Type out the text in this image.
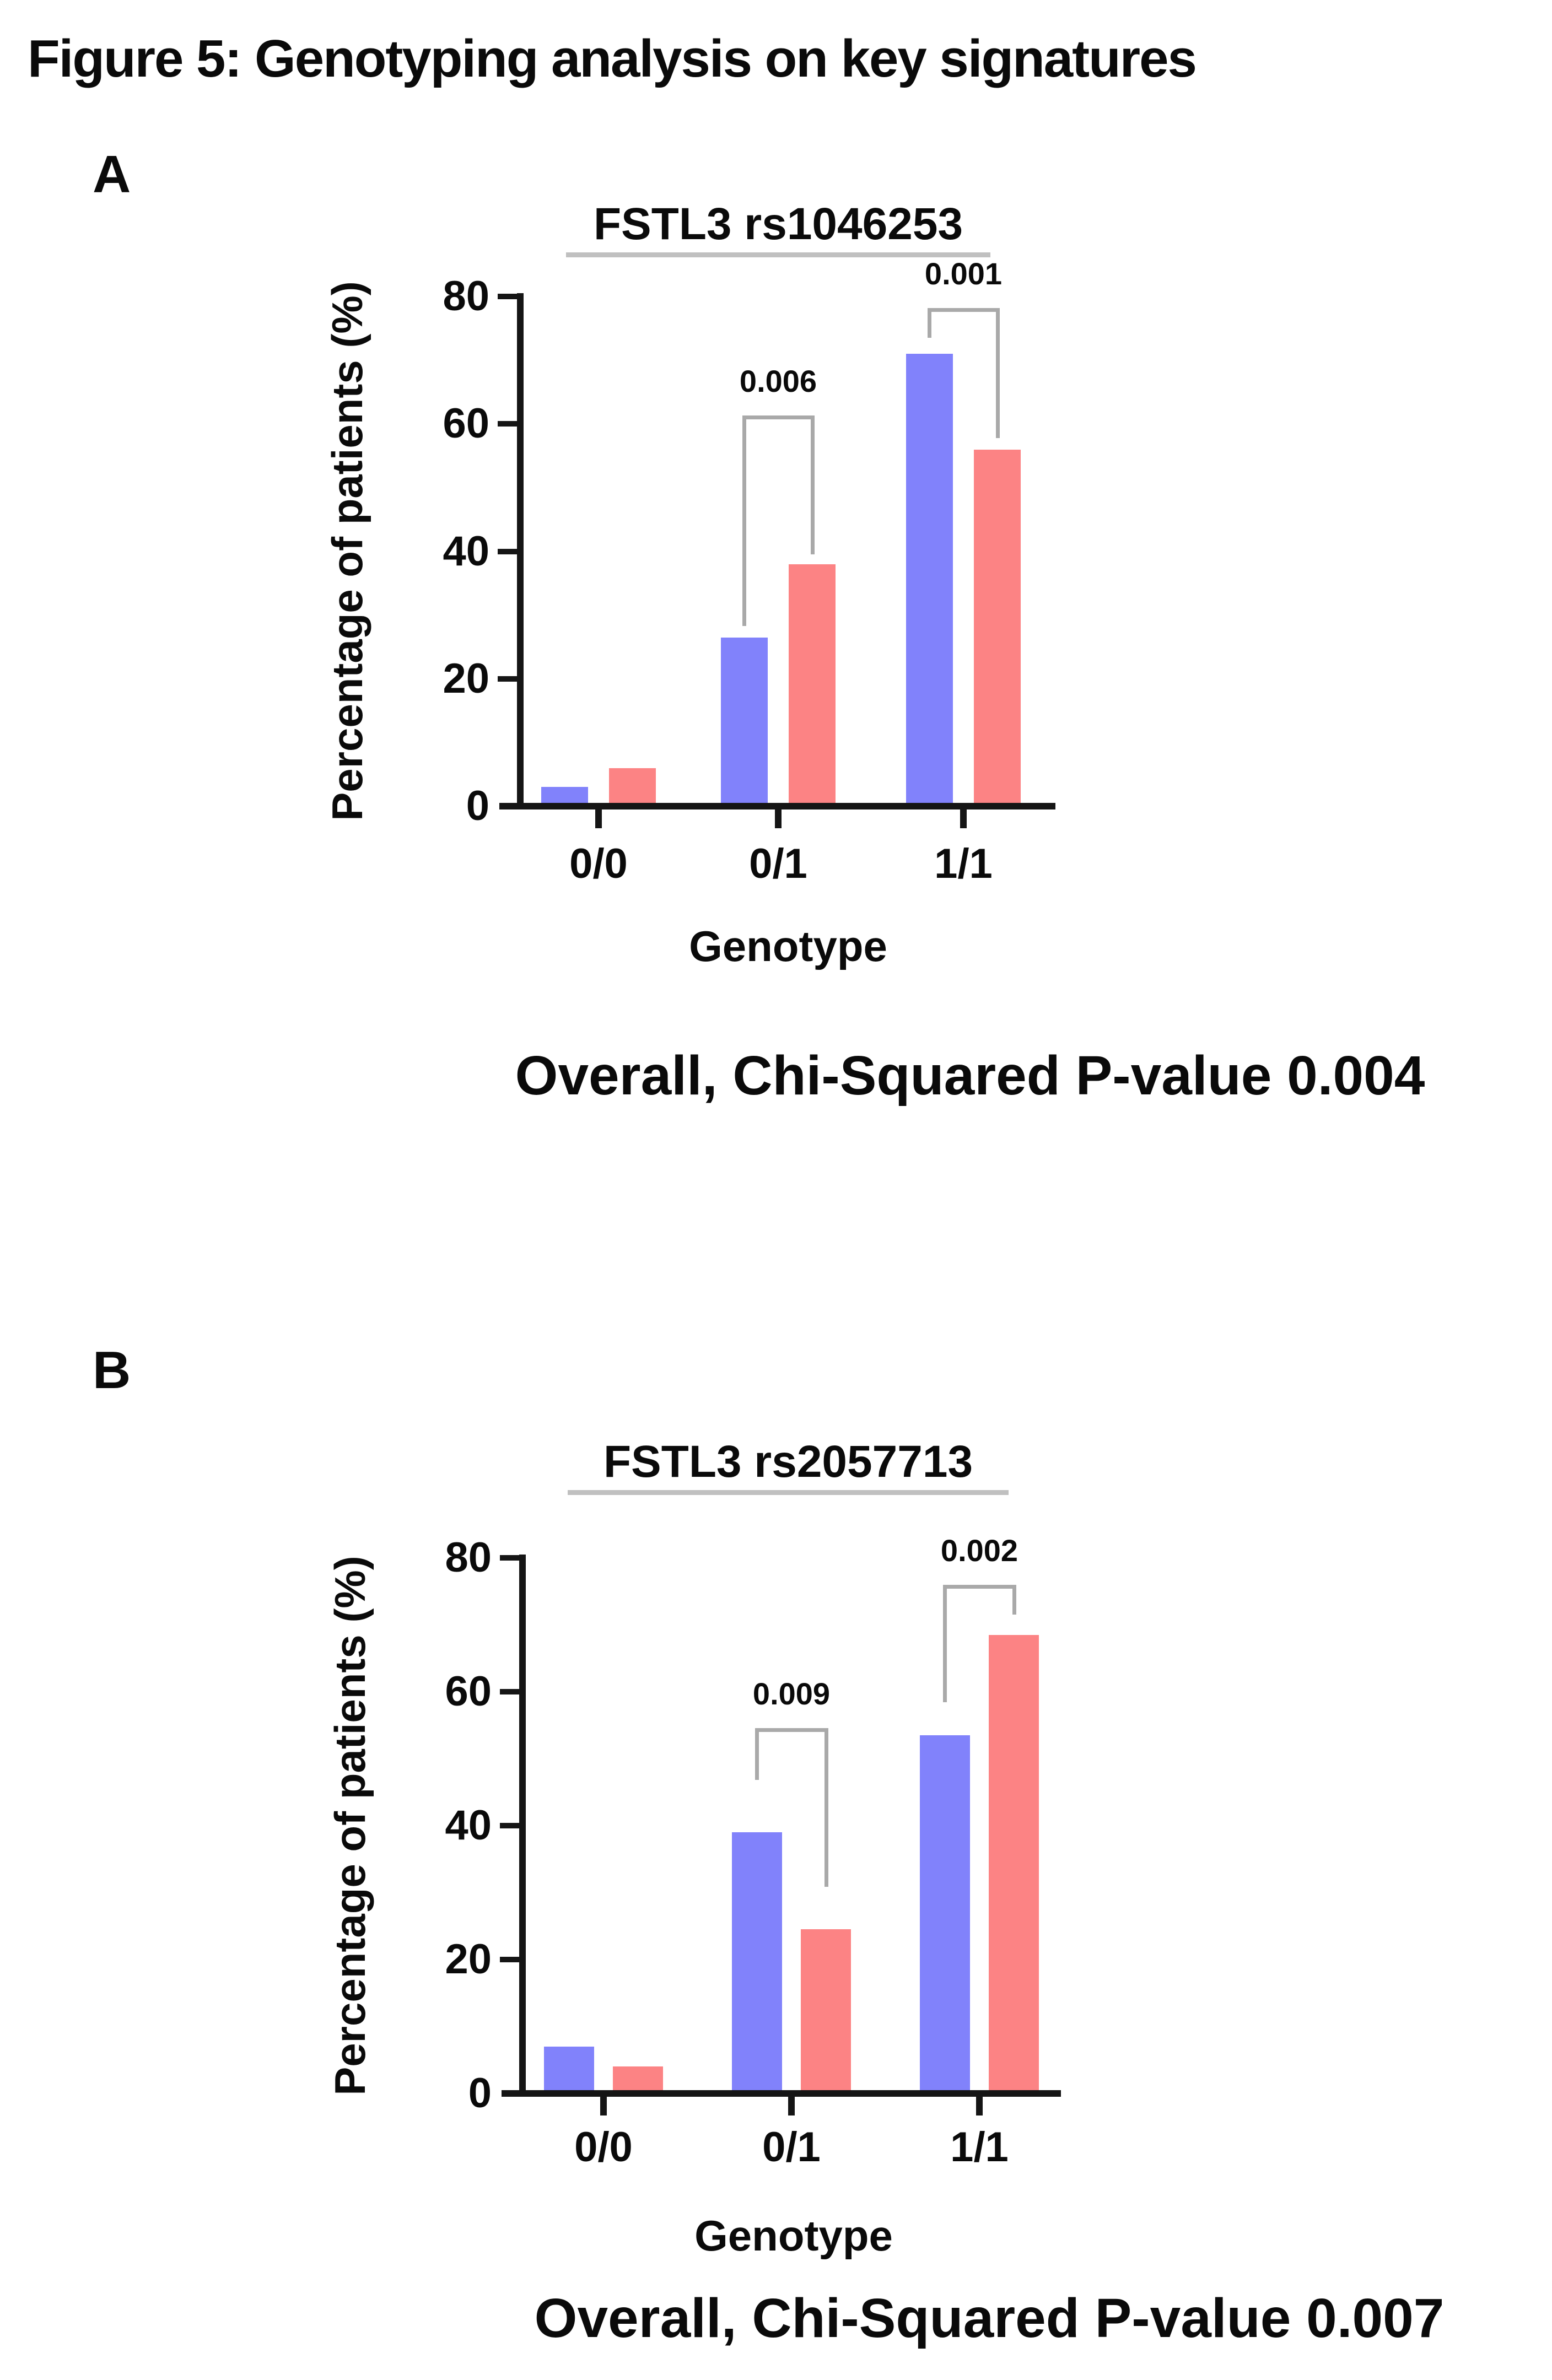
Figure 5: Genotyping analysis on key signatures
A
FSTL3 rs1046253
Percentage of patients (%)	0
20
40
60
80
0/0	0/1	1/1
0.006
0.001
Genotype
Overall, Chi-Squared P-value 0.004
B
FSTL3 rs2057713
Percentage of patients (%)	0
20
40
60
80
0/0	0/1	1/1
0.009
0.002
Genotype
Overall, Chi-Squared P-value 0.007
